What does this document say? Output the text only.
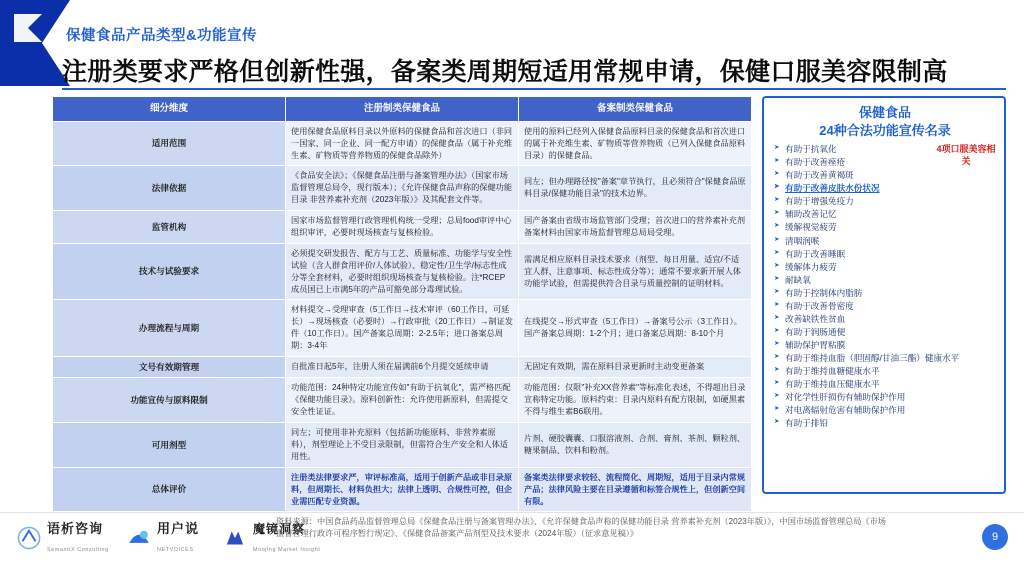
保健食品产品类型&功能宣传
注册类要求严格但创新性强，备案类周期短适用常规申请，保健口服美容限制高
细分维度	注册制类保健食品	备案制类保健食品
适用范围	使用保健食品原料目录以外原料的保健食品和首次进口（非同一国家、同一企业、同一配方申请）的保健食品（属于补充维生素、矿物质等营养物质的保健食品除外）	使用的原料已经列入保健食品原料目录的保健食品和首次进口的属于补充维生素、矿物质等营养物质（已列入保健食品原料目录）的保健食品。
法律依据	《食品安全法》；《保健食品注册与备案管理办法》（国家市场监督管理总局令，现行版本）；《允许保健食品声称的保健功能目录 非营养素补充剂（2023年版）》及其配套文件等。	同左；但办理路径按"备案"章节执行，且必须符合"保健食品原料目录/保健功能目录"的技术边界。
监管机构	国家市场监督管理行政管理机构统一受理；总局food审评中心组织审评，必要时现场核查与复核检验。	国产备案由省级市场监管部门受理；首次进口的营养素补充剂备案材料由国家市场监督管理总局局受理。
技术与试验要求	必须提交研发报告、配方与工艺、质量标准、功能学与安全性试验（含人群食用评价/人体试验）、稳定性/卫生学/标志性成分等全套材料，必要时组织现场核查与复核检验。注*RCEP成员国已上市满5年的产品可豁免部分毒理试验。	需满足相应原料目录技术要求（剂型、每日用量、适宜/不适宜人群、注意事项、标志性成分等）；通常不要求新开展人体功能学试验，但需提供符合目录与质量控制的证明材料。
办理流程与周期	材料提交→受理审查（5工作日→技术审评（60工作日，可延长）→现场核查（必要时）→行政审批（20工作日）→制证发件（10工作日）。国产备案总周期：2-2.5年；进口备案总周期：3-4年	在线提交→形式审查（5工作日）→备案号公示（3工作日）。国产备案总周期：1-2个月；进口备案总周期：8-10个月
文号有效期管理	自批准日起5年，注册人须在届满前6个月提交延续申请	无固定有效期，需在原料目录更新时主动变更备案
功能宣传与原料限制	功能范围：24种特定功能宣传如"有助于抗氧化"，需严格匹配《保健功能目录》。原料创新性：允许使用新原料，但需提交安全性证证。	功能范围：仅限"补充XX营养素"等标准化表述，不得超出目录宣称特定功能。原料约束：目录内原料有配方限制，如硬黑素不得与维生素B6联用。
可用剂型	同左；可使用非补充原料（包括新功能原料、非营养素原料），剂型理论上不受目录限制，但需符合生产安全和人体适用性。	片剂、硬胶囊囊、口服溶液剂、合剂、膏剂、茶剂、颗粒剂、糖果制品、饮料和粉剂。
总体评价	注册类法律要求严，审评标准高，适用于创新产品或非目录原料，但周期长、材料负担大；法律上透明、合规性可控，但企业需匹配专业资源。	备案类法律要求较轻、流程简化、周期短，适用于目录内常规产品；法律风险主要在目录遵循和标签合规性上，但创新空间有限。
保健食品
24种合法功能宣传名录
4项口服美容相关
➤ 有助于抗氧化
➤ 有助于改善痤疮
➤ 有助于改善黄褐斑
➤ 有助于改善皮肤水份状况
➤ 有助于增强免疫力
➤ 辅助改善记忆
➤ 缓解视觉疲劳
➤ 清咽润喉
➤ 有助于改善睡眠
➤ 缓解体力疲劳
➤ 耐缺氧
➤ 有助于控制体内脂肪
➤ 有助于改善骨密度
➤ 改善缺铁性贫血
➤ 有助于润肠通便
➤ 辅助保护胃粘膜
➤ 有助于维持血脂（胆固醇/甘油三酯）健康水平
➤ 有助于维持血糖健康水平
➤ 有助于维持血压健康水平
➤ 对化学性肝损伤有辅助保护作用
➤ 对电离辐射危害有辅助保护作用
➤ 有助于排铅
语析咨询
SemantiX Consulting
用户说
NETVOICES
魔镜洞察
Moojing Market Insight
资料来源：中国食品药品监督管理总局《保健食品注册与备案管理办法》、《允许保健食品声称的保健功能目录 营养素补充剂（2023年版）》，中国市场监督管理总局《市场监督管理行政许可程序暂行规定》、《保健食品备案产品剂型及技术要求（2024年版）（征求意见稿）》	9
